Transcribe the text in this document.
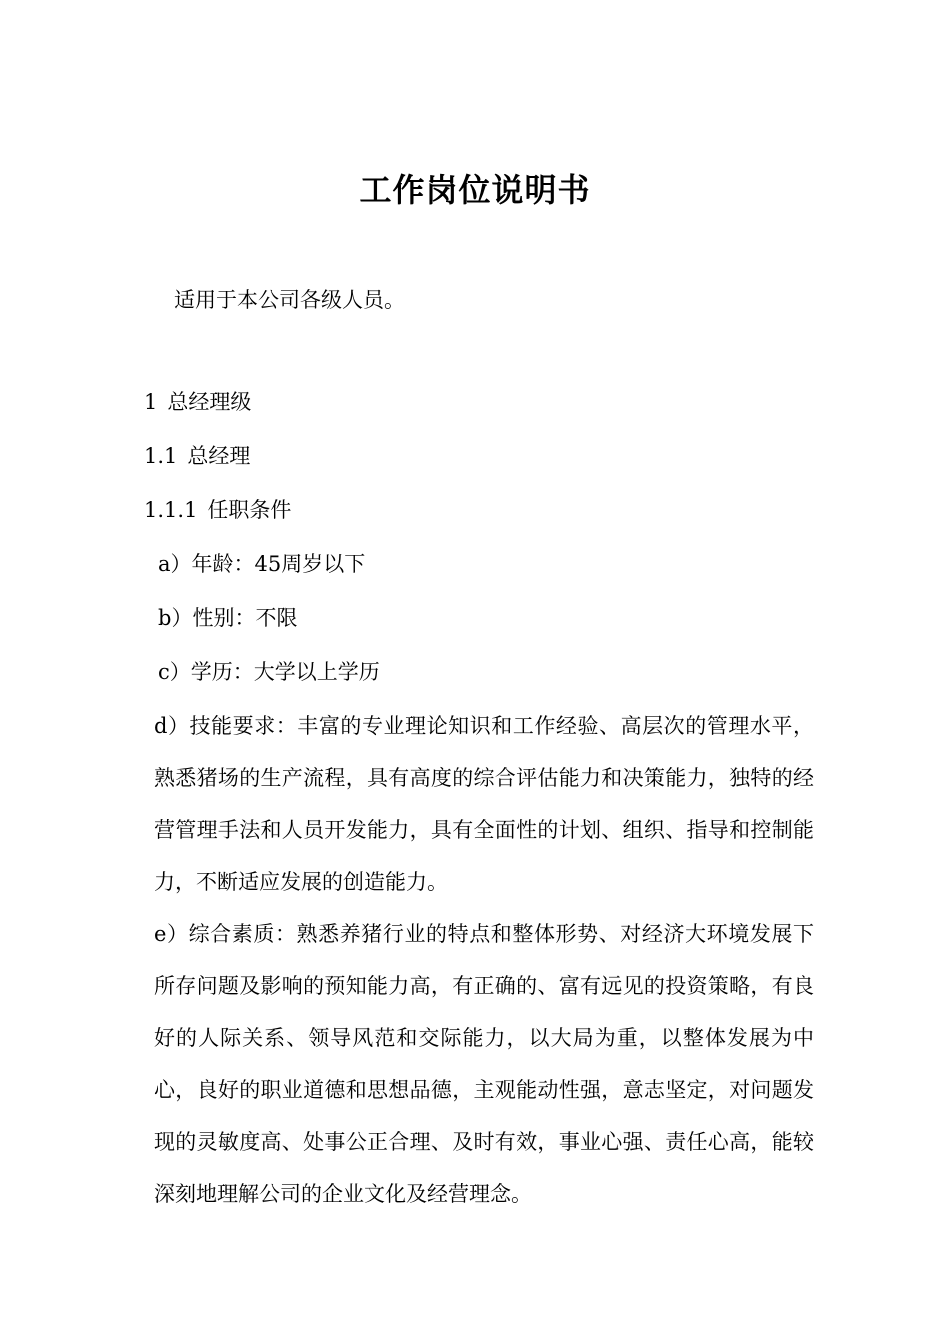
工作岗位说明书
适用于本公司各级人员。
1 总经理级
1.1 总经理
1.1.1 任职条件
a）年龄：45周岁以下
b）性别：不限
c）学历：大学以上学历
d）技能要求：丰富的专业理论知识和工作经验、高层次的管理水平，熟悉猪场的生产流程，具有高度的综合评估能力和决策能力，独特的经营管理手法和人员开发能力，具有全面性的计划、组织、指导和控制能力，不断适应发展的创造能力。
e）综合素质：熟悉养猪行业的特点和整体形势、对经济大环境发展下所存问题及影响的预知能力高，有正确的、富有远见的投资策略，有良好的人际关系、领导风范和交际能力，以大局为重，以整体发展为中心，良好的职业道德和思想品德，主观能动性强，意志坚定，对问题发现的灵敏度高、处事公正合理、及时有效，事业心强、责任心高，能较深刻地理解公司的企业文化及经营理念。
